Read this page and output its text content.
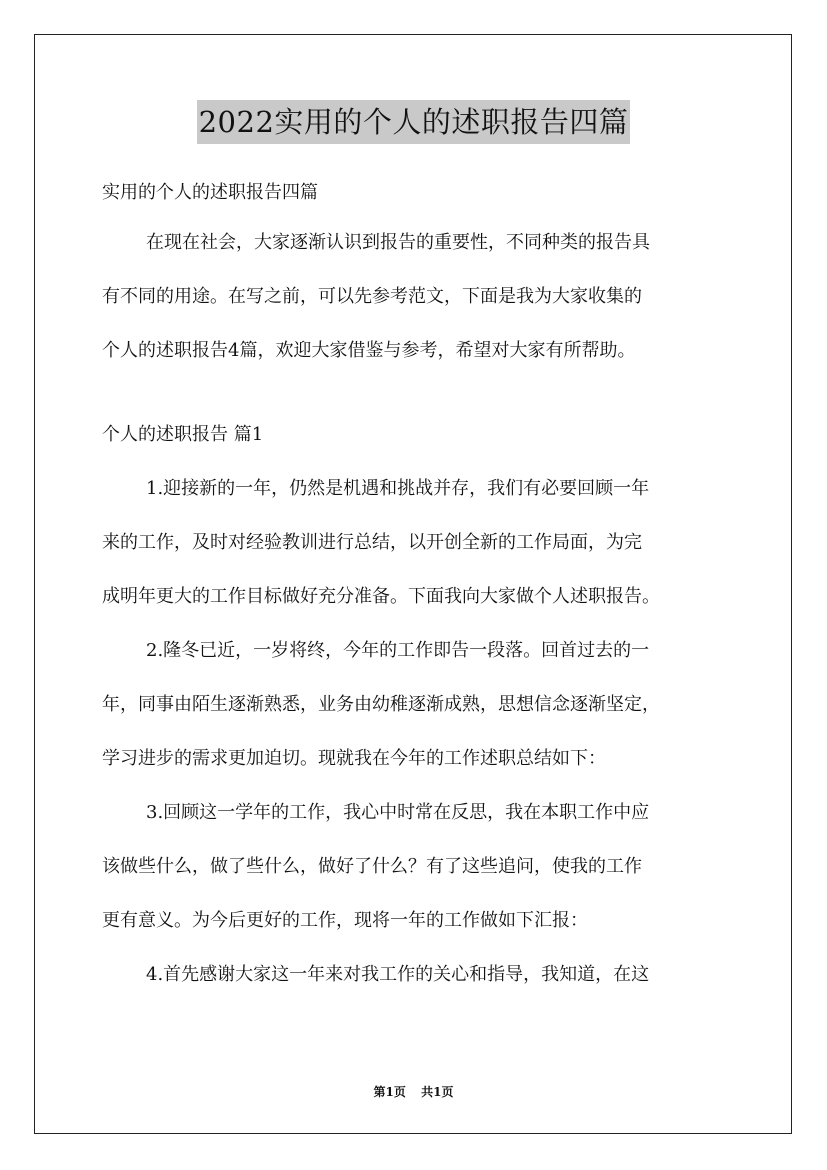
2022实用的个人的述职报告四篇
实用的个人的述职报告四篇
在现在社会，大家逐渐认识到报告的重要性，不同种类的报告具
有不同的用途。在写之前，可以先参考范文，下面是我为大家收集的
个人的述职报告4篇，欢迎大家借鉴与参考，希望对大家有所帮助。
个人的述职报告 篇1
1.迎接新的一年，仍然是机遇和挑战并存，我们有必要回顾一年
来的工作，及时对经验教训进行总结，以开创全新的工作局面，为完
成明年更大的工作目标做好充分准备。下面我向大家做个人述职报告。
2.隆冬已近，一岁将终，今年的工作即告一段落。回首过去的一
年，同事由陌生逐渐熟悉，业务由幼稚逐渐成熟，思想信念逐渐坚定，
学习进步的需求更加迫切。现就我在今年的工作述职总结如下：
3.回顾这一学年的工作，我心中时常在反思，我在本职工作中应
该做些什么，做了些什么，做好了什么？有了这些追问，使我的工作
更有意义。为今后更好的工作，现将一年的工作做如下汇报：
4.首先感谢大家这一年来对我工作的关心和指导，我知道，在这
第1页 共1页
